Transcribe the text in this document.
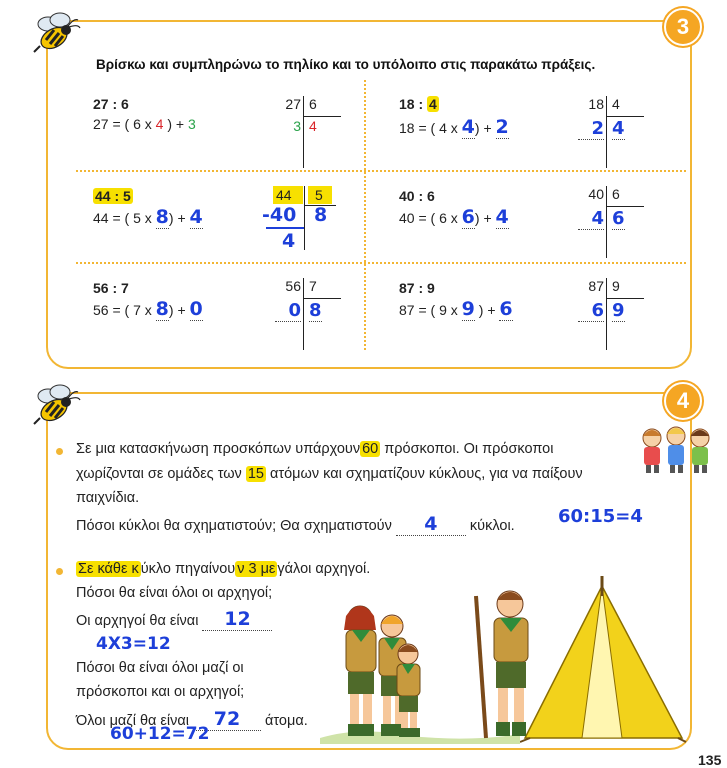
3
Βρίσκω και συμπληρώνω το πηλίκο και το υπόλοιπο στις παρακάτω πράξεις.
27 : 6
27 = ( 6 x 4 ) + 3
27 6
3 4
18 : 4
18 = ( 4 x 4) + 2
18 4
2 4
44 : 5
44 = ( 5 x 8) + 4
44 5
-40
4
8
40 : 6
40 = ( 6 x 6) + 4
40 6
4 6
56 : 7
56 = ( 7 x 8) + 0
56 7
0 8
87 : 9
87 = ( 9 x 9 ) + 6
87 9
6 9
4
Σε μια κατασκήνωση προσκόπων υπάρχουν 60 πρόσκοποι. Οι πρόσκοποι
χωρίζονται σε ομάδες των 15 ατόμων και σχηματίζουν κύκλους, για να παίξουν
παιχνίδια.
Πόσοι κύκλοι θα σχηματιστούν; Θα σχηματιστούν 4 κύκλοι. 60:15=4
Σε κάθε κ ύκλο πηγαίνου ν 3 με γάλοι αρχηγοί.
Πόσοι θα είναι όλοι οι αρχηγοί;
Οι αρχηγοί θα είναι 12
4X3=12
Πόσοι θα είναι όλοι μαζί οι
πρόσκοποι και οι αρχηγοί;
Όλοι μαζί θα είναι 72 άτομα.
60+12=72
135
